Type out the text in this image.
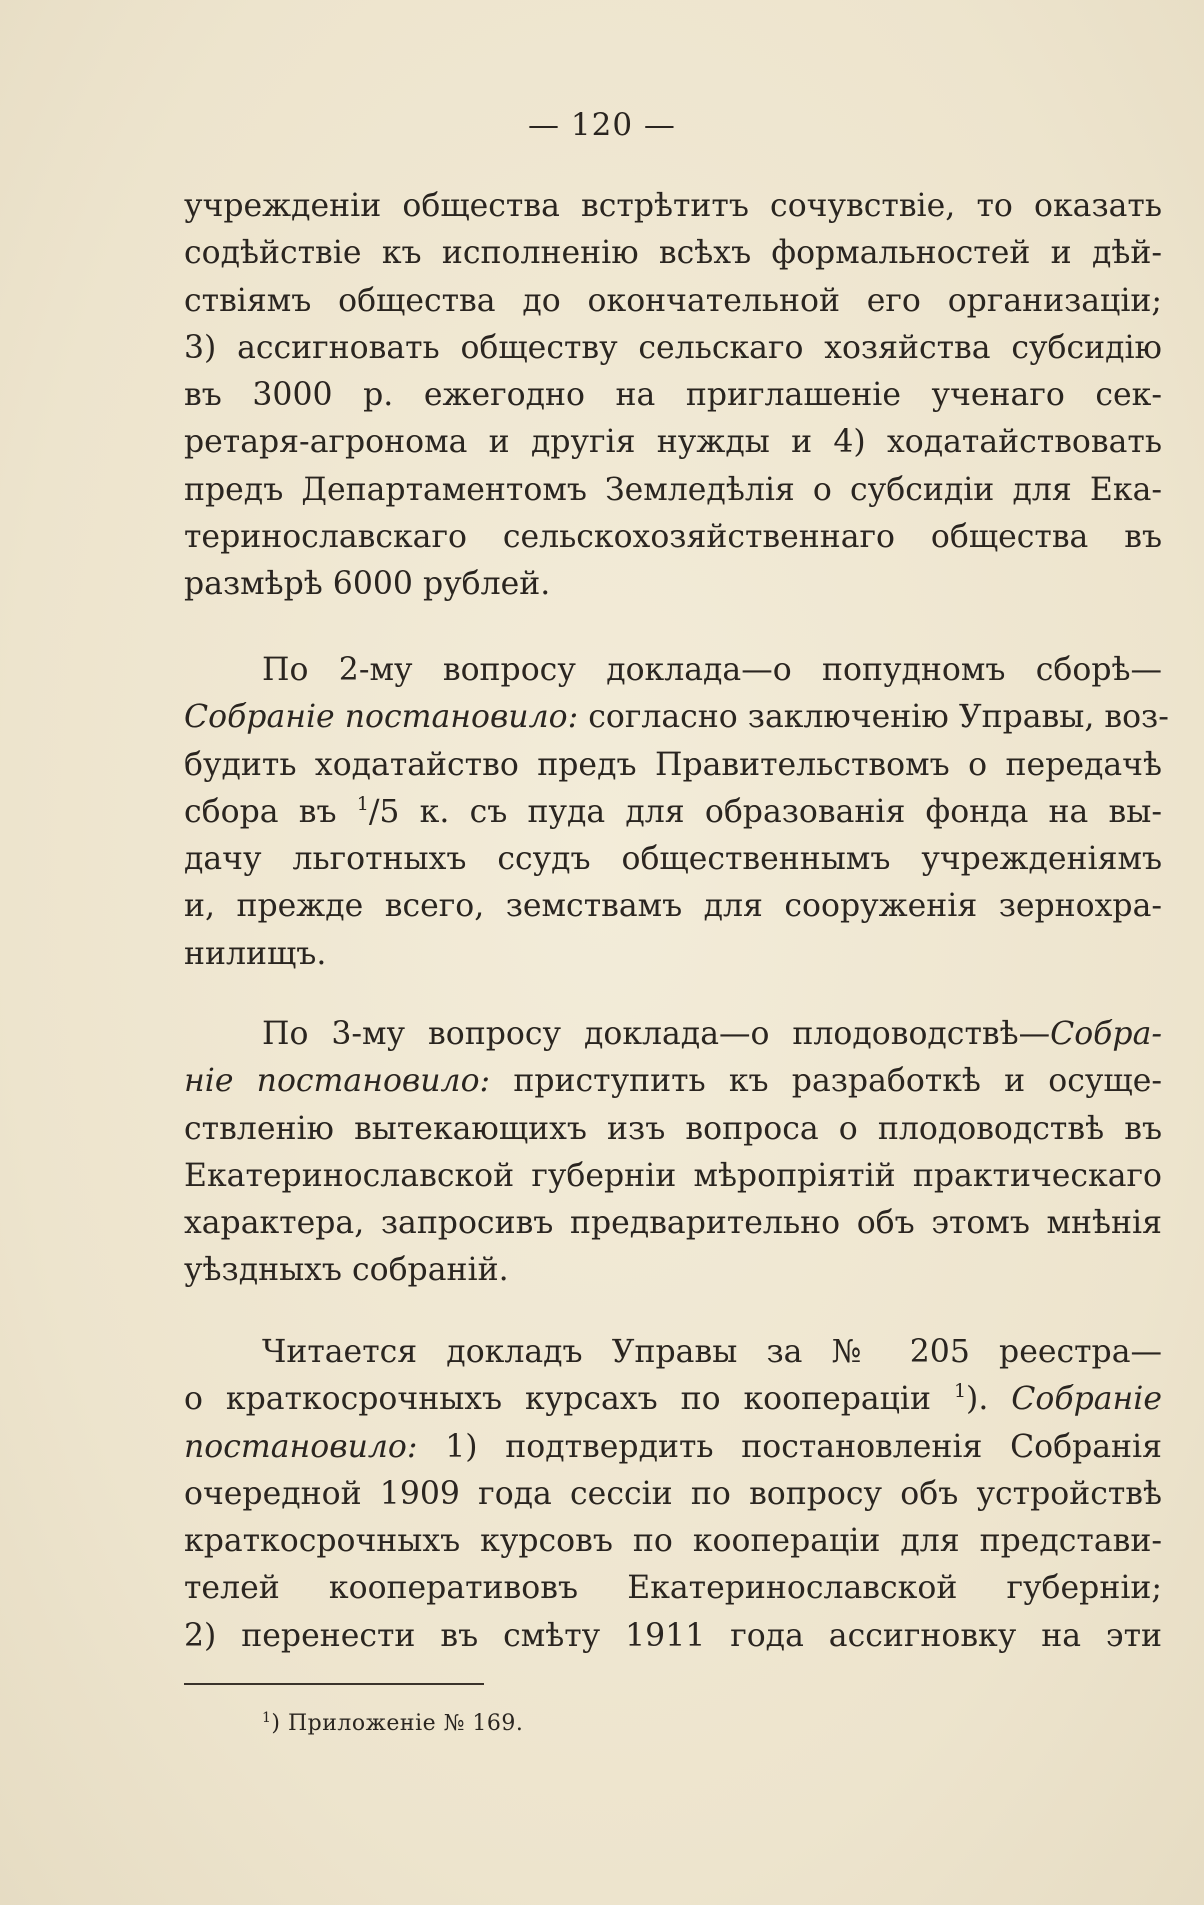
— 120 —
учрежденіи общества встрѣтитъ сочувствіе, то оказать
содѣйствіе къ исполненію всѣхъ формальностей и дѣй-
ствіямъ общества до окончательной его организаціи;
3) ассигновать обществу сельскаго хозяйства субсидію
въ 3000 р. ежегодно на приглашеніе ученаго сек-
ретаря-агронома и другія нужды и 4) ходатайствовать
предъ Департаментомъ Земледѣлія о субсидіи для Ека-
теринославскаго сельскохозяйственнаго общества въ
размѣрѣ 6000 рублей.
По 2-му вопросу доклада—о попудномъ сборѣ—
Собраніе постановило: согласно заключенію Управы, воз-
будить ходатайство предъ Правительствомъ о передачѣ
сбора въ $^1$/5 к. съ пуда для образованія фонда на вы-
дачу льготныхъ ссудъ общественнымъ учрежденіямъ
и, прежде всего, земствамъ для сооруженія зернохра-
нилищъ.
По 3-му вопросу доклада—о плодоводствѣ—Собра-
ніе постановило: приступить къ разработкѣ и осуще-
ствленію вытекающихъ изъ вопроса о плодоводствѣ въ
Екатеринославской губерніи мѣропріятій практическаго
характера, запросивъ предварительно объ этомъ мнѣнія
уѣздныхъ собраній.
Читается докладъ Управы за № 205 реестра—
о краткосрочныхъ курсахъ по коопераціи $^1$). Собраніе
постановило: 1) подтвердить постановленія Собранія
очередной 1909 года сессіи по вопросу объ устройствѣ
краткосрочныхъ курсовъ по коопераціи для представи-
телей кооперативовъ Екатеринославской губерніи;
2) перенести въ смѣту 1911 года ассигновку на эти
$^1$) Приложеніе № 169.
